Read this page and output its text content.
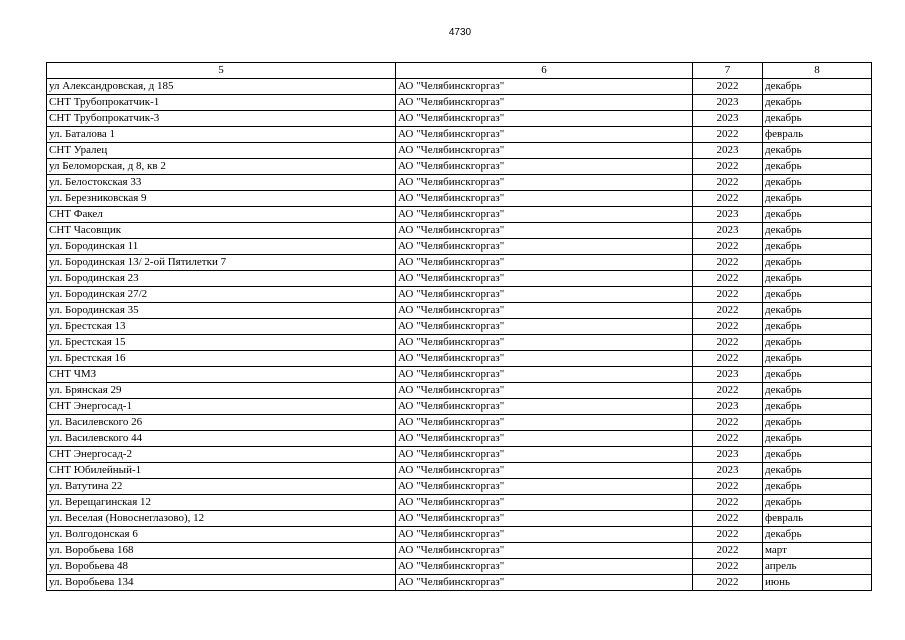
4730
5	6	7	8
ул Александровская, д 185	АО "Челябинскгоргаз"	2022	декабрь
СНТ Трубопрокатчик-1	АО "Челябинскгоргаз"	2023	декабрь
СНТ Трубопрокатчик-3	АО "Челябинскгоргаз"	2023	декабрь
ул. Баталова 1	АО "Челябинскгоргаз"	2022	февраль
СНТ Уралец	АО "Челябинскгоргаз"	2023	декабрь
ул Беломорская, д 8, кв 2	АО "Челябинскгоргаз"	2022	декабрь
ул. Белостокская 33	АО "Челябинскгоргаз"	2022	декабрь
ул. Березниковская 9	АО "Челябинскгоргаз"	2022	декабрь
СНТ Факел	АО "Челябинскгоргаз"	2023	декабрь
СНТ Часовщик	АО "Челябинскгоргаз"	2023	декабрь
ул. Бородинская 11	АО "Челябинскгоргаз"	2022	декабрь
ул. Бородинская 13/ 2-ой Пятилетки 7	АО "Челябинскгоргаз"	2022	декабрь
ул. Бородинская 23	АО "Челябинскгоргаз"	2022	декабрь
ул. Бородинская 27/2	АО "Челябинскгоргаз"	2022	декабрь
ул. Бородинская 35	АО "Челябинскгоргаз"	2022	декабрь
ул. Брестская 13	АО "Челябинскгоргаз"	2022	декабрь
ул. Брестская 15	АО "Челябинскгоргаз"	2022	декабрь
ул. Брестская 16	АО "Челябинскгоргаз"	2022	декабрь
СНТ ЧМЗ	АО "Челябинскгоргаз"	2023	декабрь
ул. Брянская 29	АО "Челябинскгоргаз"	2022	декабрь
СНТ Энергосад-1	АО "Челябинскгоргаз"	2023	декабрь
ул. Василевского 26	АО "Челябинскгоргаз"	2022	декабрь
ул. Василевского 44	АО "Челябинскгоргаз"	2022	декабрь
СНТ Энергосад-2	АО "Челябинскгоргаз"	2023	декабрь
СНТ Юбилейный-1	АО "Челябинскгоргаз"	2023	декабрь
ул. Ватутина 22	АО "Челябинскгоргаз"	2022	декабрь
ул. Верещагинская 12	АО "Челябинскгоргаз"	2022	декабрь
ул. Веселая (Новоснеглазово), 12	АО "Челябинскгоргаз"	2022	февраль
ул. Волгодонская 6	АО "Челябинскгоргаз"	2022	декабрь
ул. Воробьева 168	АО "Челябинскгоргаз"	2022	март
ул. Воробьева 48	АО "Челябинскгоргаз"	2022	апрель
ул. Воробьева 134	АО "Челябинскгоргаз"	2022	июнь
